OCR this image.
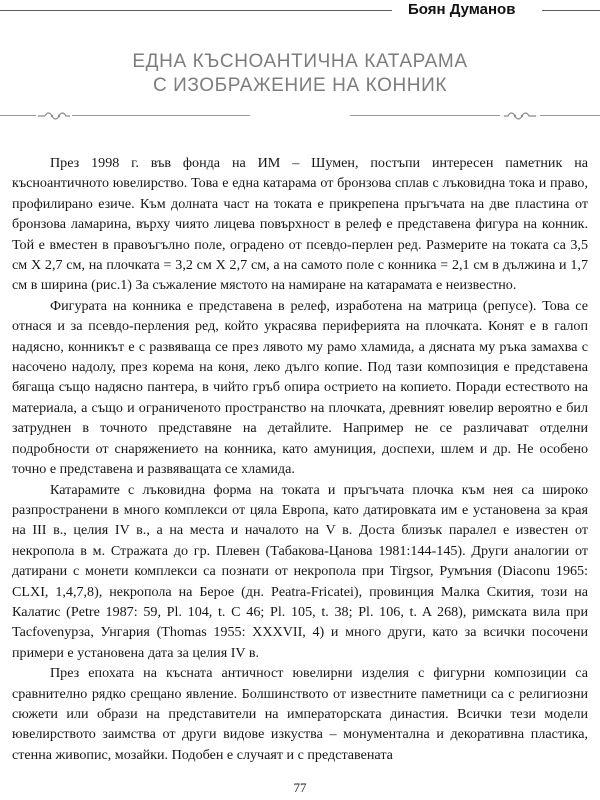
Боян Думанов
ЕДНА КЪСНОАНТИЧНА КАТАРАМА
С ИЗОБРАЖЕНИЕ НА КОННИК

През 1998 г. във фонда на ИМ – Шумен, постъпи интересен паметник на къснoантичното ювелирство. Това е една катарама от бронзова сплав с лъковидна тока и право, профилирано езиче. Към долната част на токата е прикрепена пръгъчата на две пластина от бронзова ламарина, върху чиято лицева повърхност в релеф е представена фигура на конник. Той е вместен в правоъгълно поле, оградено от псевдо-перлен ред. Размерите на токата са 3,5 см X 2,7 см, на плочката = 3,2 см X 2,7 см, а на самото поле с конника = 2,1 см в дължина и 1,7 см в ширина (рис.1) За съжаление мястото на намиране на катарамата е неизвестно.

Фигурата на конника е представена в релеф, изработена на матрица (репусе). Това се отнася и за псевдо-перления ред, който украсява периферията на плочката. Конят е в галоп надясно, конникът е с развяваща се през лявото му рамо хламида, а дясната му ръка замахва с насочено надолу, през корема на коня, леко дълго копие. Под тази композиция е представена бягаща също надясно пантера, в чийто гръб опира острието на копието. Поради естеството на материала, а също и ограниченото пространство на плочката, древният ювелир вероятно е бил затруднен в точното представяне на детайлите. Например не се различават отделни подробности от снаряжението на конника, като амуниция, доспехи, шлем и др. Не особено точно е представена и развяващата се хламида.

Катарамите с лъковидна форма на токата и пръгъчата плочка към нея са широко разпространени в много комплекси от цяла Европа, като датировката им е установена за края на III в., целия IV в., а на места и началото на V в. Доста близък паралел е известен от некропола в м. Стражата до гр. Плевен (Табакова-Цанова 1981:144-145). Други аналогии от датирани с монети комплекси са познати от некропола при Tirgsor, Румъния (Diaconu 1965: CLXI, 1,4,7,8), некропола на Берое (дн. Peatra-Fricatei), провинция Малка Скития, този на Калатис (Petre 1987: 59, Pl. 104, t. C 46; Pl. 105, t. 38; Pl. 106, t. A 268), римската вила при Tacfovenyрзa, Унгария (Thomas 1955: XXXVII, 4) и много други, като за всички посочени примери е установена дата за целия IV в.

През епохата на късната античност ювелирни изделия с фигурни композиции са сравнително рядко срещано явление. Болшинството от известните паметници са с религиозни сюжети или образи на представители на императорската династия. Всички тези модели ювелирството заимства от други видове изкуства – монументална и декоративна пластика, стенна живопис, мозайки. Подобен е случаят и с представената

77
